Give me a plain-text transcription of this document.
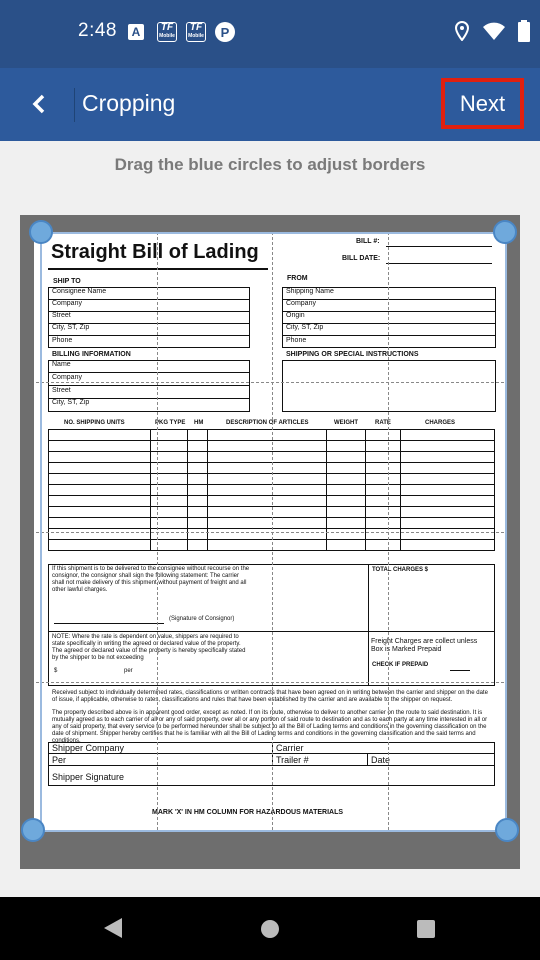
2:48	A	TF
Mobile
TF
Mobile	P
Cropping	Next
Drag the blue circles to adjust borders
Straight Bill of Lading	BILL #:
BILL DATE:
SHIP TO
Consignee Name
Company
Street
City, ST, Zip
Phone
FROM
Shipping Name
Company
Origin
City, ST, Zip
Phone
BILLING INFORMATION
Name
Company
Street
City, ST, Zip
SHIPPING OR SPECIAL INSTRUCTIONS
NO. SHIPPING UNITS	PKG TYPE HM	DESCRIPTION OF ARTICLES	WEIGHT	RATE	CHARGES
If this shipment is to be delivered to the consignee without recourse on the consignor, the consignor shall sign the following statement: The carrier shall not make delivery of this shipment without payment of freight and all other lawful charges.
(Signature of Consignor)
TOTAL CHARGES $
NOTE: Where the rate is dependent on value, shippers are required to state specifically in writing the agreed or declared value of the property. The agreed or declared value of the property is hereby specifically stated by the shipper to be not exceeding
$	per
Freight Charges are collect unless Box is Marked Prepaid
CHECK IF PREPAID
Received subject to individually determined rates, classifications or written contracts that have been agreed on in writing between the carrier and shipper on the date of issue, if applicable, otherwise to rates, classifications and rules that have been established by the carrier and are available to the shipper on request.
The property described above is in apparent good order, except as noted. If on its route, otherwise to deliver to another carrier on the route to said destination. It is mutually agreed as to each carrier of all or any of said property, over all or any portion of said route to destination and as to each party at any time interested in all or any of said property, that every service to be performed hereunder shall be subject to all the Bill of Lading terms and conditions in the governing classification on the date of shipment. Shipper hereby certifies that he is familiar with all the Bill of Lading terms and conditions in the governing classification and the said terms and conditions.
Shipper Company	Carrier
Per	Trailer #	Date
Shipper Signature
MARK 'X' IN HM COLUMN FOR HAZARDOUS MATERIALS
